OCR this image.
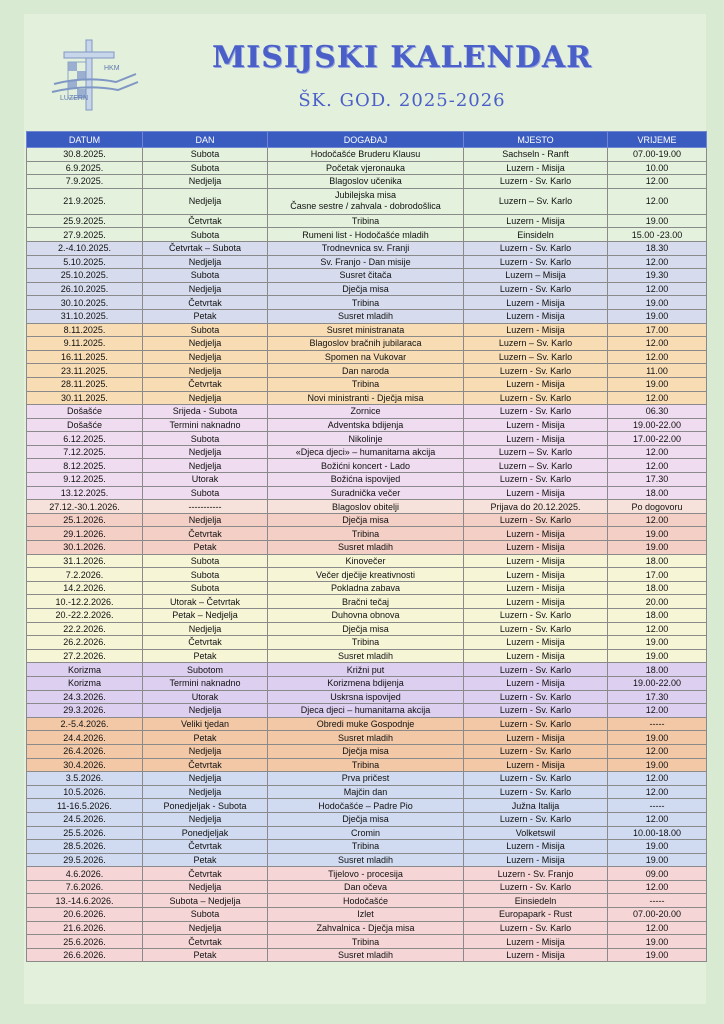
HKM
LUZERN
MISIJSKI KALENDAR
ŠK. GOD. 2025-2026
DATUM	DAN	DOGAĐAJ	MJESTO	VRIJEME
30.8.2025.	Subota	Hodočašće Bruderu Klausu	Sachseln - Ranft	07.00-19.00
6.9.2025.	Subota	Početak vjeronauka	Luzern - Misija	10.00
7.9.2025.	Nedjelja	Blagoslov učenika	Luzern - Sv. Karlo	12.00
21.9.2025.	Nedjelja	Jubilejska misa
Časne sestre / zahvala - dobrodošlica	Luzern – Sv. Karlo	12.00
25.9.2025.	Četvrtak	Tribina	Luzern - Misija	19.00
27.9.2025.	Subota	Rumeni list - Hodočašće mladih	Einsideln	15.00 -23.00
2.-4.10.2025.	Četvrtak – Subota	Trodnevnica sv. Franji	Luzern - Sv. Karlo	18.30
5.10.2025.	Nedjelja	Sv. Franjo - Dan misije	Luzern - Sv. Karlo	12.00
25.10.2025.	Subota	Susret čitača	Luzern – Misija	19.30
26.10.2025.	Nedjelja	Dječja misa	Luzern - Sv. Karlo	12.00
30.10.2025.	Četvrtak	Tribina	Luzern - Misija	19.00
31.10.2025.	Petak	Susret mladih	Luzern - Misija	19.00
8.11.2025.	Subota	Susret ministranata	Luzern - Misija	17.00
9.11.2025.	Nedjelja	Blagoslov bračnih jubilaraca	Luzern – Sv. Karlo	12.00
16.11.2025.	Nedjelja	Spomen na Vukovar	Luzern – Sv. Karlo	12.00
23.11.2025.	Nedjelja	Dan naroda	Luzern - Sv. Karlo	11.00
28.11.2025.	Četvrtak	Tribina	Luzern - Misija	19.00
30.11.2025.	Nedjelja	Novi ministranti - Dječja misa	Luzern - Sv. Karlo	12.00
Došašće	Srijeda - Subota	Zornice	Luzern - Sv. Karlo	06.30
Došašće	Termini naknadno	Adventska bdijenja	Luzern - Misija	19.00-22.00
6.12.2025.	Subota	Nikolinje	Luzern - Misija	17.00-22.00
7.12.2025.	Nedjelja	«Djeca djeci» – humanitarna akcija	Luzern – Sv. Karlo	12.00
8.12.2025.	Nedjelja	Božićni koncert - Lado	Luzern – Sv. Karlo	12.00
9.12.2025.	Utorak	Božićna ispovijed	Luzern - Sv. Karlo	17.30
13.12.2025.	Subota	Suradnička večer	Luzern - Misija	18.00
27.12.-30.1.2026.	-----------	Blagoslov obitelji	Prijava do 20.12.2025.	Po dogovoru
25.1.2026.	Nedjelja	Dječja misa	Luzern - Sv. Karlo	12.00
29.1.2026.	Četvrtak	Tribina	Luzern - Misija	19.00
30.1.2026.	Petak	Susret mladih	Luzern - Misija	19.00
31.1.2026.	Subota	Kinovečer	Luzern - Misija	18.00
7.2.2026.	Subota	Večer dječije kreativnosti	Luzern - Misija	17.00
14.2.2026.	Subota	Pokladna zabava	Luzern - Misija	18.00
10.-12.2.2026.	Utorak – Četvrtak	Bračni tečaj	Luzern - Misija	20.00
20.-22.2.2026.	Petak – Nedjelja	Duhovna obnova	Luzern - Sv. Karlo	18.00
22.2.2026.	Nedjelja	Dječja misa	Luzern - Sv. Karlo	12.00
26.2.2026.	Četvrtak	Tribina	Luzern - Misija	19.00
27.2.2026.	Petak	Susret mladih	Luzern - Misija	19.00
Korizma	Subotom	Križni put	Luzern - Sv. Karlo	18.00
Korizma	Termini naknadno	Korizmena bdijenja	Luzern - Misija	19.00-22.00
24.3.2026.	Utorak	Uskrsna ispovijed	Luzern - Sv. Karlo	17.30
29.3.2026.	Nedjelja	Djeca djeci – humanitarna akcija	Luzern - Sv. Karlo	12.00
2.-5.4.2026.	Veliki tjedan	Obredi muke Gospodnje	Luzern - Sv. Karlo	-----
24.4.2026.	Petak	Susret mladih	Luzern - Misija	19.00
26.4.2026.	Nedjelja	Dječja misa	Luzern - Sv. Karlo	12.00
30.4.2026.	Četvrtak	Tribina	Luzern - Misija	19.00
3.5.2026.	Nedjelja	Prva pričest	Luzern - Sv. Karlo	12.00
10.5.2026.	Nedjelja	Majčin dan	Luzern - Sv. Karlo	12.00
11-16.5.2026.	Ponedjeljak - Subota	Hodočašće – Padre Pio	Južna Italija	-----
24.5.2026.	Nedjelja	Dječja misa	Luzern - Sv. Karlo	12.00
25.5.2026.	Ponedjeljak	Cromin	Volketswil	10.00-18.00
28.5.2026.	Četvrtak	Tribina	Luzern - Misija	19.00
29.5.2026.	Petak	Susret mladih	Luzern - Misija	19.00
4.6.2026.	Četvrtak	Tijelovo - procesija	Luzern - Sv. Franjo	09.00
7.6.2026.	Nedjelja	Dan očeva	Luzern - Sv. Karlo	12.00
13.-14.6.2026.	Subota – Nedjelja	Hodočašće	Einsiedeln	-----
20.6.2026.	Subota	Izlet	Europapark - Rust	07.00-20.00
21.6.2026.	Nedjelja	Zahvalnica - Dječja misa	Luzern - Sv. Karlo	12.00
25.6.2026.	Četvrtak	Tribina	Luzern - Misija	19.00
26.6.2026.	Petak	Susret mladih	Luzern - Misija	19.00
